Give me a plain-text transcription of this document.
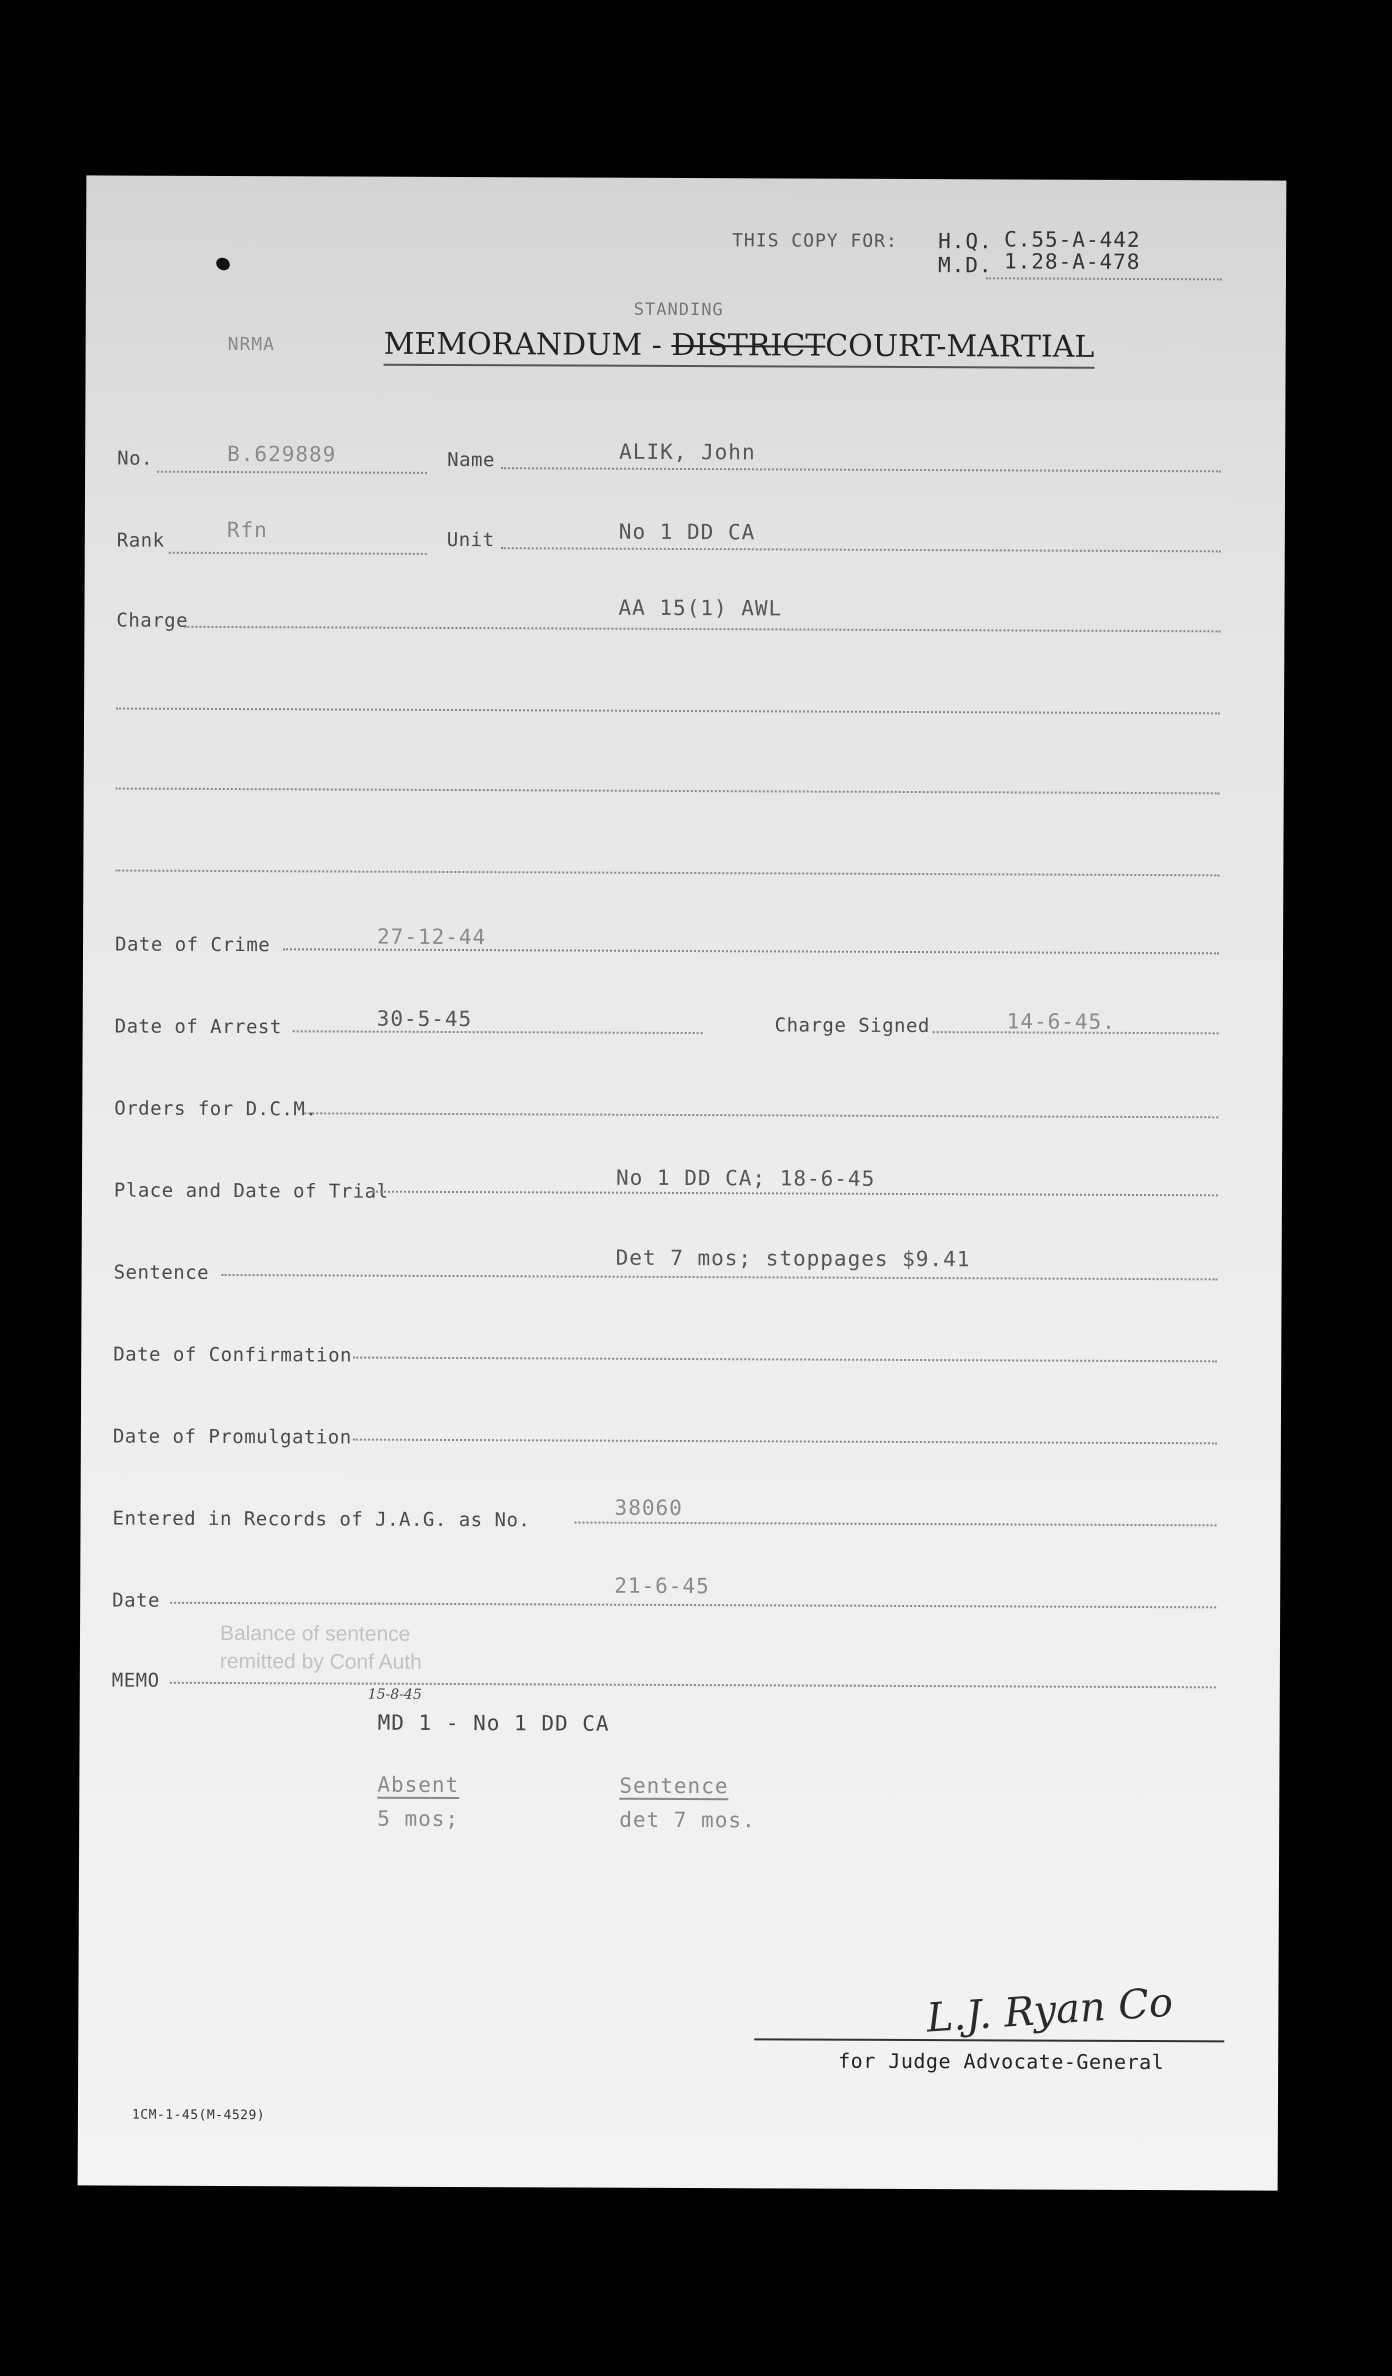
THIS COPY FOR: H.Q. C.55-A-442
M.D. 1.28-A-478
NRMA
STANDING
MEMORANDUM - DISTRICTCOURT-MARTIAL
No.	B.629889	Name	ALIK, John
Rank	Rfn	Unit	No 1 DD CA
Charge
AA 15(1) AWL
Date of Crime	27-12-44
Date of Arrest	30-5-45	Charge Signed	14-6-45.
Orders for D.C.M.
Place and Date of Trial
No 1 DD CA; 18-6-45
Sentence
Det 7 mos; stoppages $9.41
Date of Confirmation
Date of Promulgation
Entered in Records of J.A.G. as No.	38060
Date
21-6-45
MEMO
Balance of sentence
remitted by Conf Auth
15-8-45
MD 1 - No 1 DD CA
Absent
5 mos;
Sentence
det 7 mos.
L.J. Ryan Co
for Judge Advocate-General
1CM-1-45(M-4529)
